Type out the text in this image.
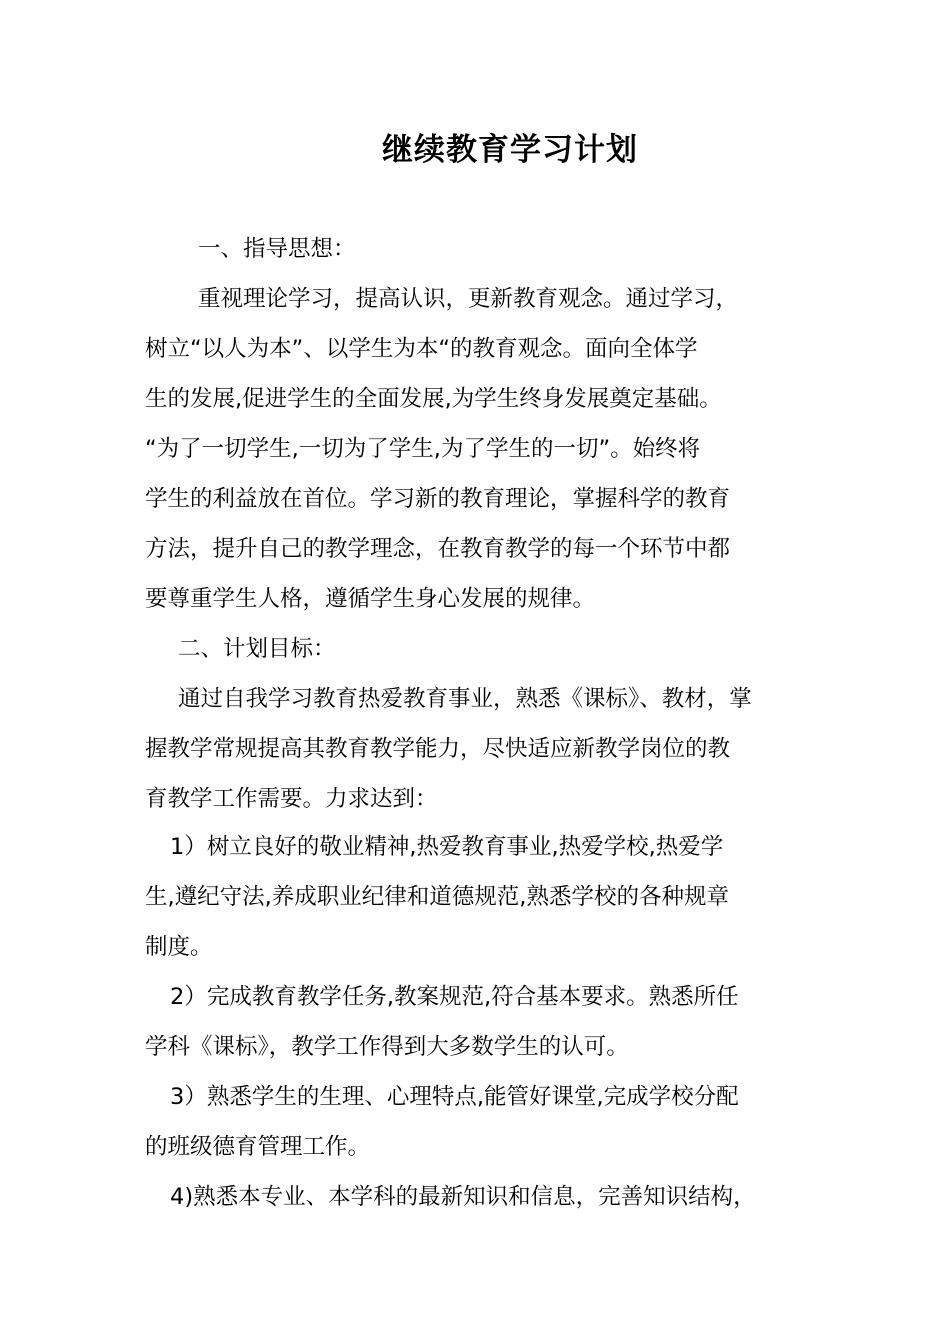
继续教育学习计划
一、指导思想：
重视理论学习，提高认识，更新教育观念。通过学习，
树立“以人为本”、以学生为本“的教育观念。面向全体学
生的发展,促进学生的全面发展,为学生终身发展奠定基础。
“为了一切学生,一切为了学生,为了学生的一切”。始终将
学生的利益放在首位。学习新的教育理论，掌握科学的教育
方法，提升自己的教学理念，在教育教学的每一个环节中都
要尊重学生人格，遵循学生身心发展的规律。
二、计划目标：
通过自我学习教育热爱教育事业，熟悉《课标》、教材，掌
握教学常规提高其教育教学能力，尽快适应新教学岗位的教
育教学工作需要。力求达到：
1）树立良好的敬业精神,热爱教育事业,热爱学校,热爱学
生,遵纪守法,养成职业纪律和道德规范,熟悉学校的各种规章
制度。
2）完成教育教学任务,教案规范,符合基本要求。熟悉所任
学科《课标》，教学工作得到大多数学生的认可。
3）熟悉学生的生理、心理特点,能管好课堂,完成学校分配
的班级德育管理工作。
4)熟悉本专业、本学科的最新知识和信息，完善知识结构，
